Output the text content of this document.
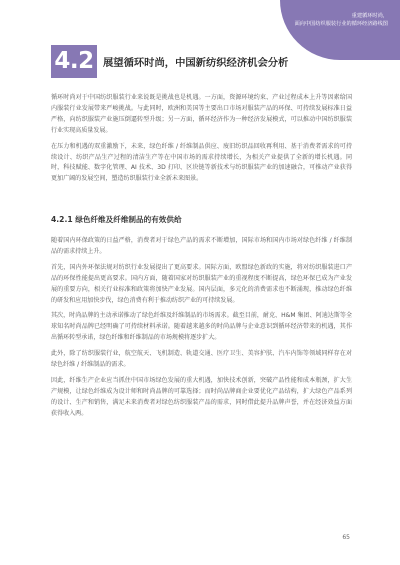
重建循环时尚，
面向中国纺织服装行业的循环经济路线图
4.2 展望循环时尚，中国新纺织经济机会分析

循环时尚对于中国纺织服装行业来说既是挑战也是机遇。一方面，资源环境约束、产业过程成本上升等因素给国内服装行业发展带来严峻挑战。与此同时，欧洲和美国等主要出口市场对服装产品的环保、可持续发展标准日益严格，向纺织服装产业施压倒逼转型升级；另一方面，循环经济作为一种经济发展模式，可以推动中国纺织服装行业实现高质量发展。

在压力和机遇的双重激励下，未来，绿色纤维 / 纤维制品供应、废旧纺织品回收再利用、基于消费者需求的可持续设计、纺织产品生产过程的清洁生产等在中国市场的需求持续增长，为相关产业提供了全新的增长机遇。同时，科技赋能、数字化管理、AI 技术、3D 打印、区块链等新技术与纺织服装产业的加速融合，可推动产业获得更加广阔的发展空间，塑造纺织服装行业全新未来图景。

4.2.1 绿色纤维及纤维制品的有效供给

随着国内环保政策的日益严格，消费者对于绿色产品的需求不断增加，国际市场和国内市场对绿色纤维 / 纤维制品的需求持续上升。

首先，国内外环保法规对纺织行业发展提出了更高要求。国际方面，欧盟绿色新政的实施，将对纺织服装进口产品的环保性能提出更高要求。国内方面，随着国家对纺织服装产业的重视程度不断提高，绿色环保已成为产业发展的重要方向，相关行业标准和政策将加快产业发展。国内层面，多元化的消费需求也不断涌现，推动绿色纤维的研发和应用加快步伐，绿色消费有利于推动纺织产业的可持续发展。

其次，时尚品牌的主动承诺推动了绿色纤维及纤维制品的市场需求。截至目前，耐克、H&M 集团、阿迪达斯等全球知名时尚品牌已经明确了可持续材料承诺。随着越来越多的时尚品牌与企业意识到循环经济带来的机遇，其作出循环转型承诺，绿色纤维和纤维制品的市场规模将逐步扩大。

此外，除了纺织服装行业，航空航天、飞机制造、轨道交通、医疗卫生、美容护肤、汽车内饰等领域同样存在对绿色纤维 / 纤维制品的需求。

因此，纤维生产企业应当抓住中国市场绿色发展的重大机遇，加快技术创新，突破产品性能和成本瓶颈，扩大生产规模，让绿色纤维成为设计师和时尚品牌的可靠选择；而时尚品牌商企业要优化产品结构，扩大绿色产品系列的设计、生产和销售，满足未来消费者对绿色纺织服装产品的需求，同时借此提升品牌声誉，并在经济效益方面获得收入两。

65
